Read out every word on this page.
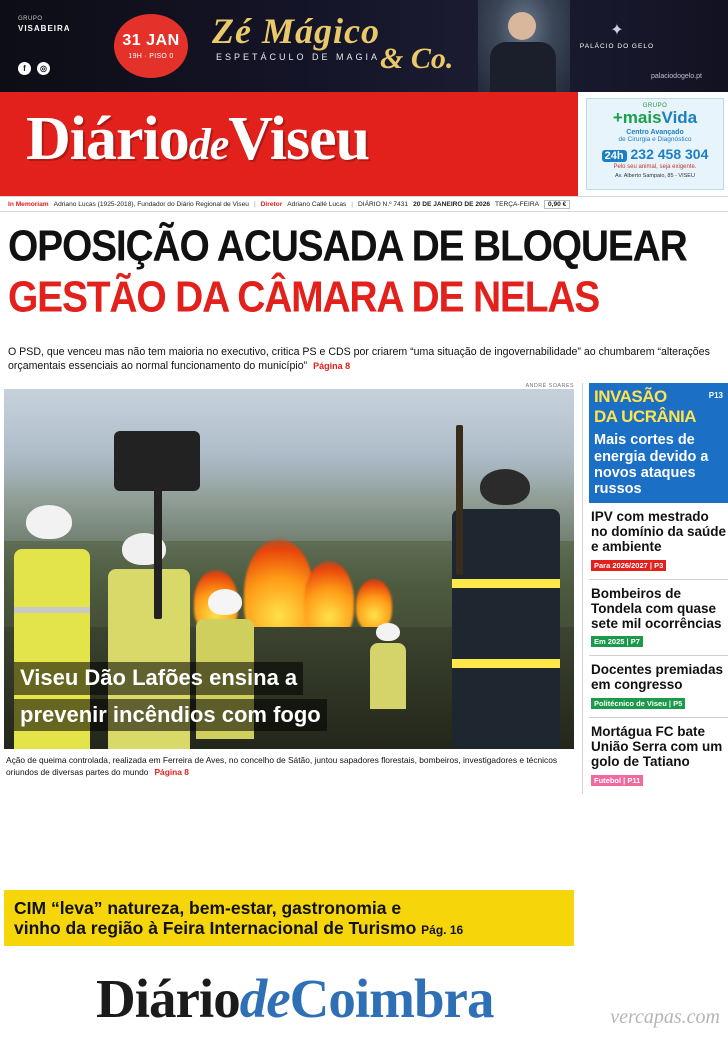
GRUPO
VISABEIRA
f	◎
31 JAN
19H · PISO 0
Zé Mágico
ESPETÁCULO DE MAGIA & Co.
✦
PALÁCIO DO GELO
palaciodogelo.pt
DiáriodeViseu	GRUPO
+maisVida
Centro Avançado
de Cirurgia e Diagnóstico
24h 232 458 304
Pelo seu animal, seja exigente.
Av. Alberto Sampaio, 85 - VISEU
In Memoriam Adriano Lucas (1925-2018), Fundador do Diário Regional de Viseu | Diretor Adriano Callé Lucas | DIÁRIO N.º 7431 20 DE JANEIRO DE 2026 TERÇA-FEIRA	0,90 €
OPOSIÇÃO ACUSADA DE BLOQUEAR
GESTÃO DA CÂMARA DE NELAS
O PSD, que venceu mas não tem maioria no executivo, critica PS e CDS por criarem “uma situação de ingovernabilidade” ao chumbarem “alterações orçamentais essenciais ao normal funcionamento do município” Página 8
ANDRÉ SOARES
Viseu Dão Lafões ensina a
prevenir incêndios com fogo
Ação de queima controlada, realizada em Ferreira de Aves, no concelho de Sátão, juntou sapadores florestais, bombeiros, investigadores e técnicos oriundos de diversas partes do mundo Página 8
P13
INVASÃO
DA UCRÂNIA
Mais cortes de energia devido a novos ataques russos
IPV com mestrado no domínio da saúde e ambiente
Para 2026/2027 | P3
Bombeiros de Tondela com quase sete mil ocorrências
Em 2025 | P7
Docentes premiadas em congresso
Politécnico de Viseu | P5
Mortágua FC bate União Serra com um golo de Tatiano
Futebol | P11
CIM “leva” natureza, bem-estar, gastronomia e
vinho da região à Feira Internacional de Turismo Pág. 16
DiáriodeCoimbra	vercapas.com
